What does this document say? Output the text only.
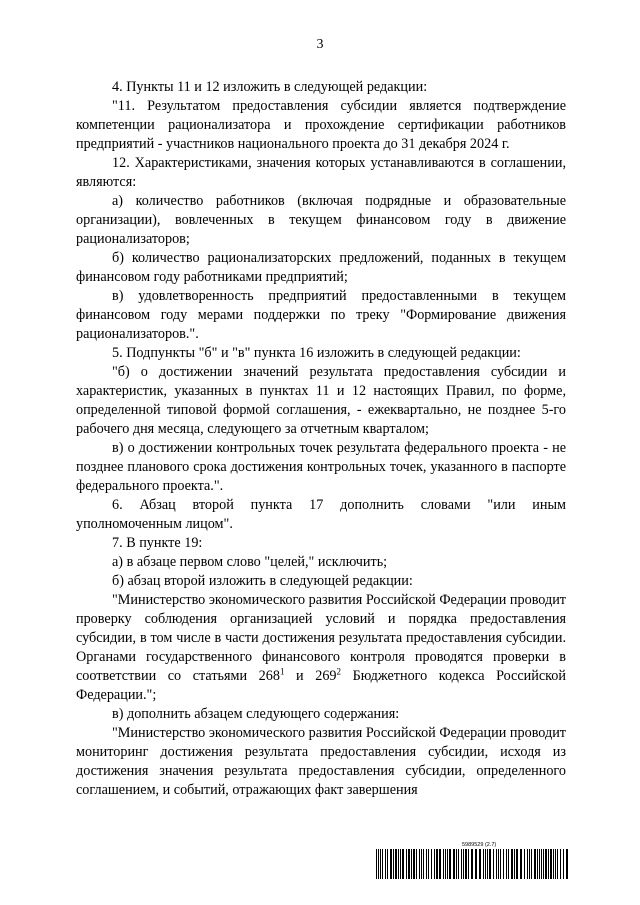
3

4. Пункты 11 и 12 изложить в следующей редакции:

"11. Результатом предоставления субсидии является подтверждение компетенции рационализатора и прохождение сертификации работников предприятий - участников национального проекта до 31 декабря 2024 г.

12. Характеристиками, значения которых устанавливаются в соглашении, являются:

а) количество работников (включая подрядные и образовательные организации), вовлеченных в текущем финансовом году в движение рационализаторов;

б) количество рационализаторских предложений, поданных в текущем финансовом году работниками предприятий;

в) удовлетворенность предприятий предоставленными в текущем финансовом году мерами поддержки по треку "Формирование движения рационализаторов.".

5. Подпункты "б" и "в" пункта 16 изложить в следующей редакции:

"б) о достижении значений результата предоставления субсидии и характеристик, указанных в пунктах 11 и 12 настоящих Правил, по форме, определенной типовой формой соглашения, - ежеквартально, не позднее 5-го рабочего дня месяца, следующего за отчетным кварталом;

в) о достижении контрольных точек результата федерального проекта - не позднее планового срока достижения контрольных точек, указанного в паспорте федерального проекта.".

6. Абзац второй пункта 17 дополнить словами "или иным уполномоченным лицом".

7. В пункте 19:

а) в абзаце первом слово "целей," исключить;

б) абзац второй изложить в следующей редакции:

"Министерство экономического развития Российской Федерации проводит проверку соблюдения организацией условий и порядка предоставления субсидии, в том числе в части достижения результата предоставления субсидии. Органами государственного финансового контроля проводятся проверки в соответствии со статьями $268^1$ и $269^2$ Бюджетного кодекса Российской Федерации.";

в) дополнить абзацем следующего содержания:

"Министерство экономического развития Российской Федерации проводит мониторинг достижения результата предоставления субсидии, исходя из достижения значения результата предоставления субсидии, определенного соглашением, и событий, отражающих факт завершения

5989529 (2.7)
